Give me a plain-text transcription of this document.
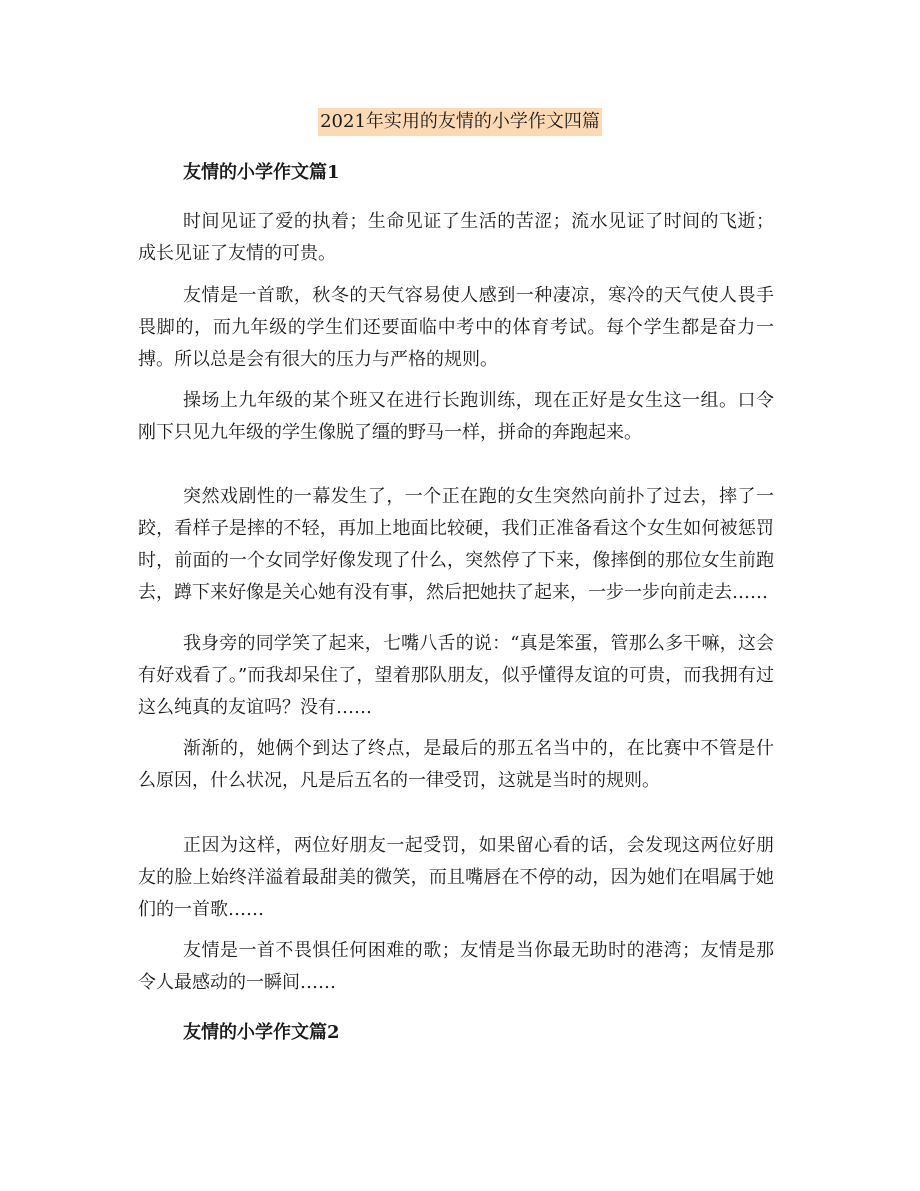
2021年实用的友情的小学作文四篇
友情的小学作文篇1

时间见证了爱的执着；生命见证了生活的苦涩；流水见证了时间的飞逝；成长见证了友情的可贵。

友情是一首歌，秋冬的天气容易使人感到一种凄凉，寒冷的天气使人畏手畏脚的，而九年级的学生们还要面临中考中的体育考试。每个学生都是奋力一搏。所以总是会有很大的压力与严格的规则。

操场上九年级的某个班又在进行长跑训练，现在正好是女生这一组。口令刚下只见九年级的学生像脱了缰的野马一样，拼命的奔跑起来。

突然戏剧性的一幕发生了，一个正在跑的女生突然向前扑了过去，摔了一跤，看样子是摔的不轻，再加上地面比较硬，我们正准备看这个女生如何被惩罚时，前面的一个女同学好像发现了什么，突然停了下来，像摔倒的那位女生前跑去，蹲下来好像是关心她有没有事，然后把她扶了起来，一步一步向前走去……

我身旁的同学笑了起来，七嘴八舌的说：“真是笨蛋，管那么多干嘛，这会有好戏看了。”而我却呆住了，望着那队朋友，似乎懂得友谊的可贵，而我拥有过这么纯真的友谊吗？没有……

渐渐的，她俩个到达了终点，是最后的那五名当中的，在比赛中不管是什么原因，什么状况，凡是后五名的一律受罚，这就是当时的规则。

正因为这样，两位好朋友一起受罚，如果留心看的话，会发现这两位好朋友的脸上始终洋溢着最甜美的微笑，而且嘴唇在不停的动，因为她们在唱属于她们的一首歌……

友情是一首不畏惧任何困难的歌；友情是当你最无助时的港湾；友情是那令人最感动的一瞬间……

友情的小学作文篇2
